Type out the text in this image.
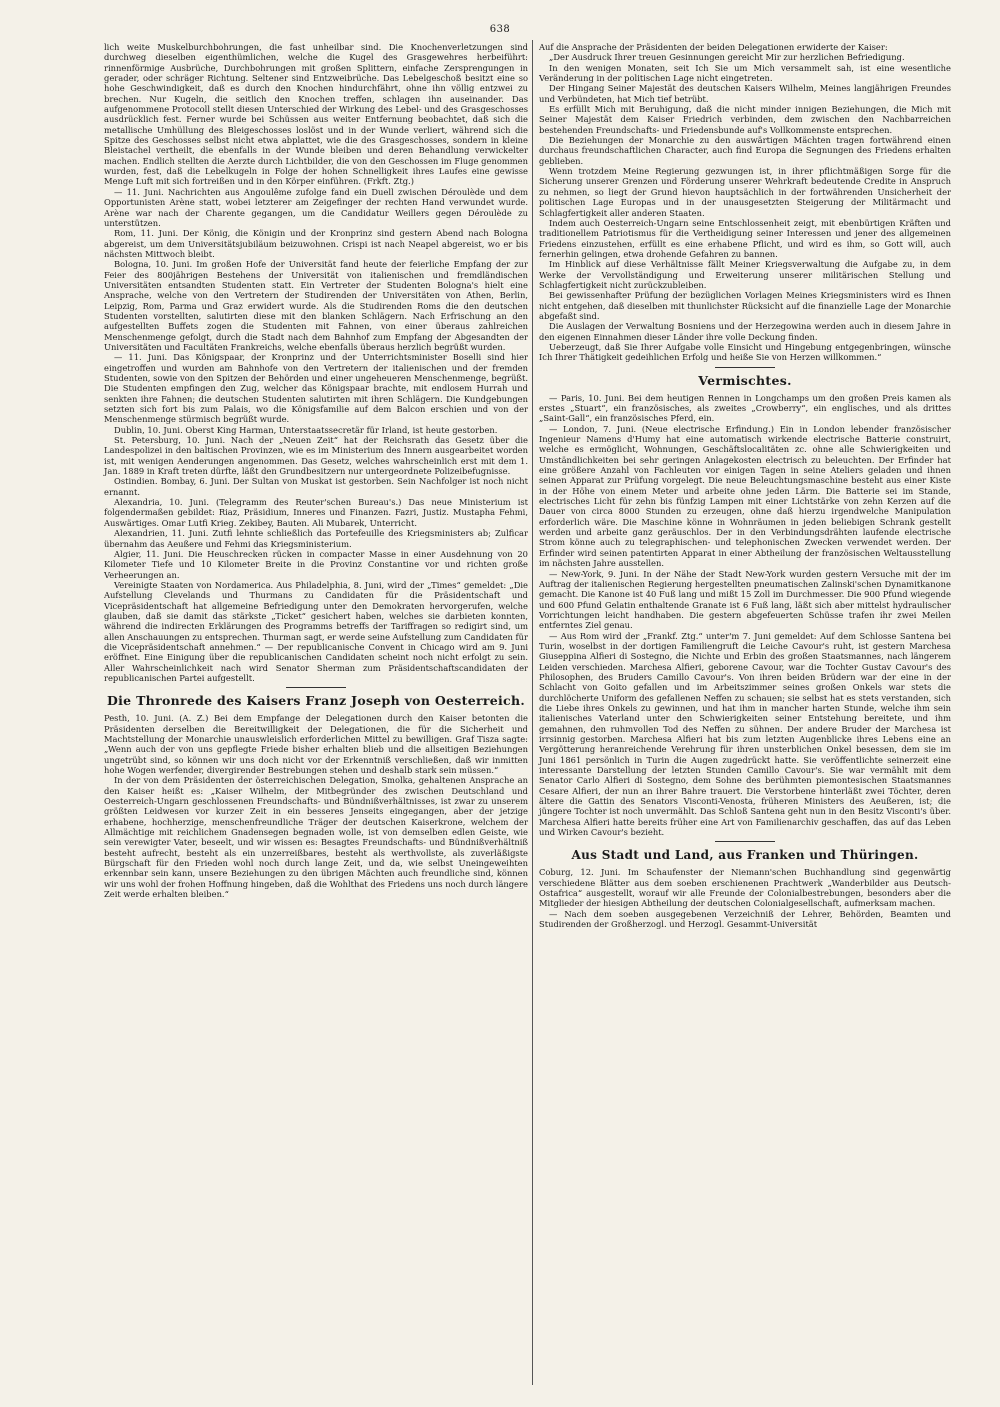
638

lich weite Muskelburchbohrungen, die fast unheilbar sind. Die Knochenverletzungen sind durchweg dieselben eigenthümlichen, welche die Kugel des Grasgewehres herbeiführt: rinnenförmige Ausbrüche, Durchbohrungen mit großen Splittern, einfache Zersprengungen in gerader, oder schräger Richtung. Seltener sind Entzweibrüche. Das Lebelgeschoß besitzt eine so hohe Geschwindigkeit, daß es durch den Knochen hindurchfährt, ohne ihn völlig entzwei zu brechen. Nur Kugeln, die seitlich den Knochen treffen, schlagen ihn auseinander. Das aufgenommene Protocoll stellt diesen Unterschied der Wirkung des Lebel- und des Grasgeschosses ausdrücklich fest. Ferner wurde bei Schüssen aus weiter Entfernung beobachtet, daß sich die metallische Umhüllung des Bleigeschosses loslöst und in der Wunde verliert, während sich die Spitze des Geschosses selbst nicht etwa abplattet, wie die des Grasgeschosses, sondern in kleine Bleistachel vertheilt, die ebenfalls in der Wunde bleiben und deren Behandlung verwickelter machen. Endlich stellten die Aerzte durch Lichtbilder, die von den Geschossen im Fluge genommen wurden, fest, daß die Lebelkugeln in Folge der hohen Schnelligkeit ihres Laufes eine gewisse Menge Luft mit sich fortreißen und in den Körper einführen. (Frkft. Ztg.)

— 11. Juni. Nachrichten aus Angoulême zufolge fand ein Duell zwischen Déroulède und dem Opportunisten Arène statt, wobei letzterer am Zeigefinger der rechten Hand verwundet wurde. Arène war nach der Charente gegangen, um die Candidatur Weillers gegen Déroulède zu unterstützen.

Rom, 11. Juni. Der König, die Königin und der Kronprinz sind gestern Abend nach Bologna abgereist, um dem Universitätsjubiläum beizuwohnen. Crispi ist nach Neapel abgereist, wo er bis nächsten Mittwoch bleibt.

Bologna, 10. Juni. Im großen Hofe der Universität fand heute der feierliche Empfang der zur Feier des 800jährigen Bestehens der Universität von italienischen und fremdländischen Universitäten entsandten Studenten statt. Ein Vertreter der Studenten Bologna's hielt eine Ansprache, welche von den Vertretern der Studirenden der Universitäten von Athen, Berlin, Leipzig, Rom, Parma und Graz erwidert wurde. Als die Studirenden Roms die den deutschen Studenten vorstellten, salutirten diese mit den blanken Schlägern. Nach Erfrischung an den aufgestellten Buffets zogen die Studenten mit Fahnen, von einer überaus zahlreichen Menschenmenge gefolgt, durch die Stadt nach dem Bahnhof zum Empfang der Abgesandten der Universitäten und Facultäten Frankreichs, welche ebenfalls überaus herzlich begrüßt wurden.

— 11. Juni. Das Königspaar, der Kronprinz und der Unterrichtsminister Boselli sind hier eingetroffen und wurden am Bahnhofe von den Vertretern der italienischen und der fremden Studenten, sowie von den Spitzen der Behörden und einer ungeheueren Menschenmenge, begrüßt. Die Studenten empfingen den Zug, welcher das Königspaar brachte, mit endlosem Hurrah und senkten ihre Fahnen; die deutschen Studenten salutirten mit ihren Schlägern. Die Kundgebungen setzten sich fort bis zum Palais, wo die Königsfamilie auf dem Balcon erschien und von der Menschenmenge stürmisch begrüßt wurde.

Dublin, 10. Juni. Oberst King Harman, Unterstaatssecretär für Irland, ist heute gestorben.

St. Petersburg, 10. Juni. Nach der „Neuen Zeit“ hat der Reichsrath das Gesetz über die Landespolizei in den baltischen Provinzen, wie es im Ministerium des Innern ausgearbeitet worden ist, mit wenigen Aenderungen angenommen. Das Gesetz, welches wahrscheinlich erst mit dem 1. Jan. 1889 in Kraft treten dürfte, läßt den Grundbesitzern nur untergeordnete Polizeibefugnisse.

Ostindien. Bombay, 6. Juni. Der Sultan von Muskat ist gestorben. Sein Nachfolger ist noch nicht ernannt.

Alexandria, 10. Juni. (Telegramm des Reuter'schen Bureau's.) Das neue Ministerium ist folgendermaßen gebildet: Riaz, Präsidium, Inneres und Finanzen. Fazri, Justiz. Mustapha Fehmi, Auswärtiges. Omar Lutfi Krieg. Zekibey, Bauten. Ali Mubarek, Unterricht.

Alexandrien, 11. Juni. Zutfi lehnte schließlich das Portefeuille des Kriegsministers ab; Zulficar übernahm das Aeußere und Fehmi das Kriegsministerium.

Algier, 11. Juni. Die Heuschrecken rücken in compacter Masse in einer Ausdehnung von 20 Kilometer Tiefe und 10 Kilometer Breite in die Provinz Constantine vor und richten große Verheerungen an.

Vereinigte Staaten von Nordamerica. Aus Philadelphia, 8. Juni, wird der „Times“ gemeldet: „Die Aufstellung Clevelands und Thurmans zu Candidaten für die Präsidentschaft und Vicepräsidentschaft hat allgemeine Befriedigung unter den Demokraten hervorgerufen, welche glauben, daß sie damit das stärkste „Ticket“ gesichert haben, welches sie darbieten konnten, während die indirecten Erklärungen des Programms betreffs der Tariffragen so redigirt sind, um allen Anschauungen zu entsprechen. Thurman sagt, er werde seine Aufstellung zum Candidaten für die Vicepräsidentschaft annehmen.“ — Der republicanische Convent in Chicago wird am 9. Juni eröffnet. Eine Einigung über die republicanischen Candidaten scheint noch nicht erfolgt zu sein. Aller Wahrscheinlichkeit nach wird Senator Sherman zum Präsidentschaftscandidaten der republicanischen Partei aufgestellt.

Die Thronrede des Kaisers Franz Joseph von Oesterreich.

Pesth, 10. Juni. (A. Z.) Bei dem Empfange der Delegationen durch den Kaiser betonten die Präsidenten derselben die Bereitwilligkeit der Delegationen, die für die Sicherheit und Machtstellung der Monarchie unauswleislich erforderlichen Mittel zu bewilligen. Graf Tisza sagte: „Wenn auch der von uns gepflegte Friede bisher erhalten blieb und die allseitigen Beziehungen ungetrübt sind, so können wir uns doch nicht vor der Erkenntniß verschließen, daß wir inmitten hohe Wogen werfender, divergirender Bestrebungen stehen und deshalb stark sein müssen.“

In der von dem Präsidenten der österreichischen Delegation, Smolka, gehaltenen Ansprache an den Kaiser heißt es: „Kaiser Wilhelm, der Mitbegründer des zwischen Deutschland und Oesterreich-Ungarn geschlossenen Freundschafts- und Bündnißverhältnisses, ist zwar zu unserem größten Leidwesen vor kurzer Zeit in ein besseres Jenseits eingegangen, aber der jetzige erhabene, hochherzige, menschenfreundliche Träger der deutschen Kaiserkrone, welchem der Allmächtige mit reichlichem Gnadensegen begnaden wolle, ist von demselben edlen Geiste, wie sein verewigter Vater, beseelt, und wir wissen es: Besagtes Freundschafts- und Bündnißverhältniß besteht aufrecht, besteht als ein unzerreißbares, besteht als werthvollste, als zuverläßigste Bürgschaft für den Frieden wohl noch durch lange Zeit, und da, wie selbst Uneingeweihten erkennbar sein kann, unsere Beziehungen zu den übrigen Mächten auch freundliche sind, können wir uns wohl der frohen Hoffnung hingeben, daß die Wohlthat des Friedens uns noch durch längere Zeit werde erhalten bleiben.“

Auf die Ansprache der Präsidenten der beiden Delegationen erwiderte der Kaiser:

„Der Ausdruck Ihrer treuen Gesinnungen gereicht Mir zur herzlichen Befriedigung.

In den wenigen Monaten, seit Ich Sie um Mich versammelt sah, ist eine wesentliche Veränderung in der politischen Lage nicht eingetreten.

Der Hingang Seiner Majestät des deutschen Kaisers Wilhelm, Meines langjährigen Freundes und Verbündeten, hat Mich tief betrübt.

Es erfüllt Mich mit Beruhigung, daß die nicht minder innigen Beziehungen, die Mich mit Seiner Majestät dem Kaiser Friedrich verbinden, dem zwischen den Nachbarreichen bestehenden Freundschafts- und Friedensbunde auf's Vollkommenste entsprechen.

Die Beziehungen der Monarchie zu den auswärtigen Mächten tragen fortwährend einen durchaus freundschaftlichen Character, auch find Europa die Segnungen des Friedens erhalten geblieben.

Wenn trotzdem Meine Regierung gezwungen ist, in ihrer pflichtmäßigen Sorge für die Sicherung unserer Grenzen und Förderung unserer Wehrkraft bedeutende Credite in Anspruch zu nehmen, so liegt der Grund hievon hauptsächlich in der fortwährenden Unsicherheit der politischen Lage Europas und in der unausgesetzten Steigerung der Militärmacht und Schlagfertigkeit aller anderen Staaten.

Indem auch Oesterreich-Ungarn seine Entschlossenheit zeigt, mit ebenbürtigen Kräften und traditionellem Patriotismus für die Vertheidigung seiner Interessen und jener des allgemeinen Friedens einzustehen, erfüllt es eine erhabene Pflicht, und wird es ihm, so Gott will, auch fernerhin gelingen, etwa drohende Gefahren zu bannen.

Im Hinblick auf diese Verhältnisse fällt Meiner Kriegsverwaltung die Aufgabe zu, in dem Werke der Vervollständigung und Erweiterung unserer militärischen Stellung und Schlagfertigkeit nicht zurückzubleiben.

Bei gewissenhafter Prüfung der bezüglichen Vorlagen Meines Kriegsministers wird es Ihnen nicht entgehen, daß dieselben mit thunlichster Rücksicht auf die finanzielle Lage der Monarchie abgefaßt sind.

Die Auslagen der Verwaltung Bosniens und der Herzegowina werden auch in diesem Jahre in den eigenen Einnahmen dieser Länder ihre volle Deckung finden.

Ueberzeugt, daß Sie Ihrer Aufgabe volle Einsicht und Hingebung entgegenbringen, wünsche Ich Ihrer Thätigkeit gedeihlichen Erfolg und heiße Sie von Herzen willkommen.“

Vermischtes.

— Paris, 10. Juni. Bei dem heutigen Rennen in Longchamps um den großen Preis kamen als erstes „Stuart“, ein französisches, als zweites „Crowberry“, ein englisches, und als drittes „Saint-Gall“, ein französisches Pferd, ein.

— London, 7. Juni. (Neue electrische Erfindung.) Ein in London lebender französischer Ingenieur Namens d'Humy hat eine automatisch wirkende electrische Batterie construirt, welche es ermöglicht, Wohnungen, Geschäftslocalitäten zc. ohne alle Schwierigkeiten und Umständlichkeiten bei sehr geringen Anlagekosten electrisch zu beleuchten. Der Erfinder hat eine größere Anzahl von Fachleuten vor einigen Tagen in seine Ateliers geladen und ihnen seinen Apparat zur Prüfung vorgelegt. Die neue Beleuchtungsmaschine besteht aus einer Kiste in der Höhe von einem Meter und arbeite ohne jeden Lärm. Die Batterie sei im Stande, electrisches Licht für zehn bis fünfzig Lampen mit einer Lichtstärke von zehn Kerzen auf die Dauer von circa 8000 Stunden zu erzeugen, ohne daß hierzu irgendwelche Manipulation erforderlich wäre. Die Maschine könne in Wohnräumen in jeden beliebigen Schrank gestellt werden und arbeite ganz geräuschlos. Der in den Verbindungsdrähten laufende electrische Strom könne auch zu telegraphischen- und telephonischen Zwecken verwendet werden. Der Erfinder wird seinen patentirten Apparat in einer Abtheilung der französischen Weltausstellung im nächsten Jahre ausstellen.

— New-York, 9. Juni. In der Nähe der Stadt New-York wurden gestern Versuche mit der im Auftrag der italienischen Regierung hergestellten pneumatischen Zalinski'schen Dynamitkanone gemacht. Die Kanone ist 40 Fuß lang und mißt 15 Zoll im Durchmesser. Die 900 Pfund wiegende und 600 Pfund Gelatin enthaltende Granate ist 6 Fuß lang, läßt sich aber mittelst hydraulischer Vorrichtungen leicht handhaben. Die gestern abgefeuerten Schüsse trafen ihr zwei Meilen entferntes Ziel genau.

— Aus Rom wird der „Frankf. Ztg.“ unter'm 7. Juni gemeldet: Auf dem Schlosse Santena bei Turin, woselbst in der dortigen Familiengruft die Leiche Cavour's ruht, ist gestern Marchesa Giuseppina Alfieri di Sostegno, die Nichte und Erbin des großen Staatsmannes, nach längerem Leiden verschieden. Marchesa Alfieri, geborene Cavour, war die Tochter Gustav Cavour's des Philosophen, des Bruders Camillo Cavour's. Von ihren beiden Brüdern war der eine in der Schlacht von Goito gefallen und im Arbeitszimmer seines großen Onkels war stets die durchlöcherte Uniform des gefallenen Neffen zu schauen; sie selbst hat es stets verstanden, sich die Liebe ihres Onkels zu gewinnen, und hat ihm in mancher harten Stunde, welche ihm sein italienisches Vaterland unter den Schwierigkeiten seiner Entstehung bereitete, und ihm gemahnen, den ruhmvollen Tod des Neffen zu sühnen. Der andere Bruder der Marchesa ist irrsinnig gestorben. Marchesa Alfieri hat bis zum letzten Augenblicke ihres Lebens eine an Vergötterung heranreichende Verehrung für ihren unsterblichen Onkel besessen, dem sie im Juni 1861 persönlich in Turin die Augen zugedrückt hatte. Sie veröffentlichte seinerzeit eine interessante Darstellung der letzten Stunden Camillo Cavour's. Sie war vermählt mit dem Senator Carlo Alfieri di Sostegno, dem Sohne des berühmten piemontesischen Staatsmannes Cesare Alfieri, der nun an ihrer Bahre trauert. Die Verstorbene hinterläßt zwei Töchter, deren ältere die Gattin des Senators Visconti-Venosta, früheren Ministers des Aeußeren, ist; die jüngere Tochter ist noch unvermählt. Das Schloß Santena geht nun in den Besitz Visconti's über. Marchesa Alfieri hatte bereits früher eine Art von Familienarchiv geschaffen, das auf das Leben und Wirken Cavour's bezieht.

Aus Stadt und Land, aus Franken und Thüringen.

Coburg, 12. Juni. Im Schaufenster der Niemann'schen Buchhandlung sind gegenwärtig verschiedene Blätter aus dem soeben erschienenen Prachtwerk „Wanderbilder aus Deutsch-Ostafrica“ ausgestellt, worauf wir alle Freunde der Colonialbestrebungen, besonders aber die Mitglieder der hiesigen Abtheilung der deutschen Colonialgesellschaft, aufmerksam machen.

— Nach dem soeben ausgegebenen Verzeichniß der Lehrer, Behörden, Beamten und Studirenden der Großherzogl. und Herzogl. Gesammt-Universität
